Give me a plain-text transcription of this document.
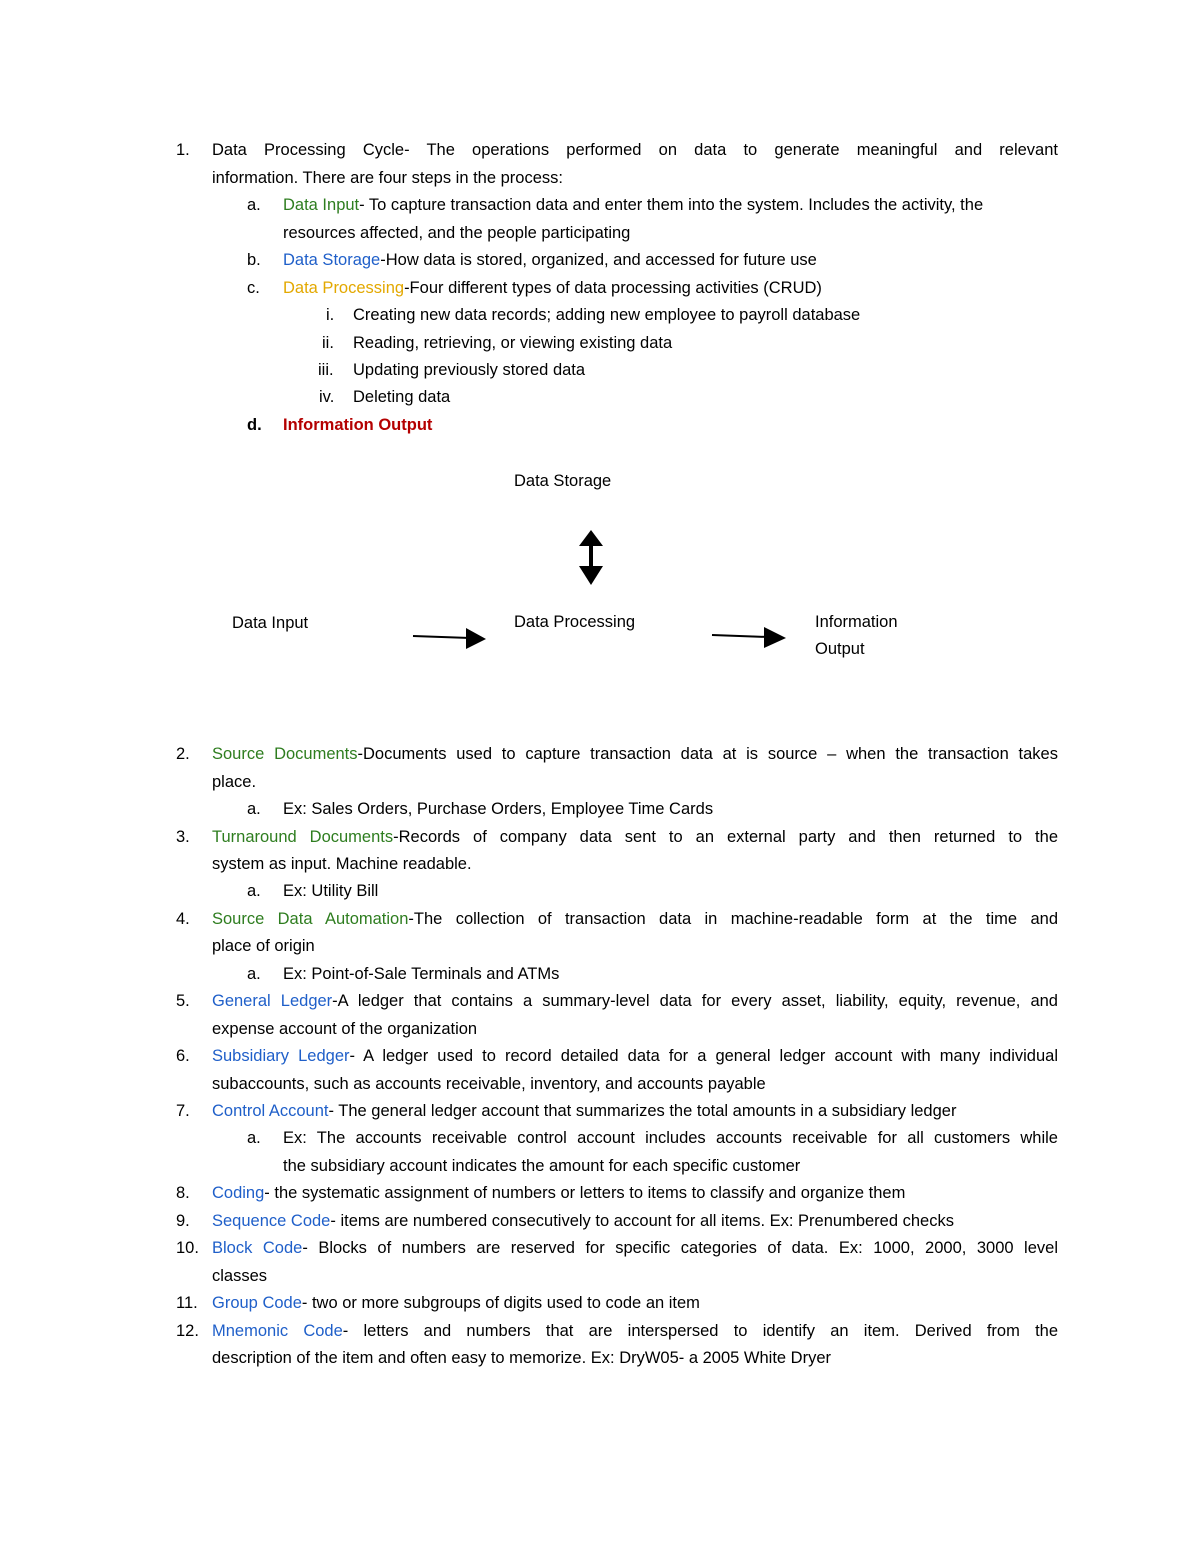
1. Data Processing Cycle- The operations performed on data to generate meaningful and relevant
information. There are four steps in the process:
a. Data Input- To capture transaction data and enter them into the system. Includes the activity, the
resources affected, and the people participating
b. Data Storage-How data is stored, organized, and accessed for future use
c. Data Processing-Four different types of data processing activities (CRUD)
i. Creating new data records; adding new employee to payroll database
ii. Reading, retrieving, or viewing existing data
iii. Updating previously stored data
iv. Deleting data
d. Information Output
Data Storage
Data Input	Data Processing	Information
Output
2. Source Documents-Documents used to capture transaction data at is source – when the transaction takes
place.
a. Ex: Sales Orders, Purchase Orders, Employee Time Cards
3. Turnaround Documents-Records of company data sent to an external party and then returned to the
system as input. Machine readable.
a. Ex: Utility Bill
4. Source Data Automation-The collection of transaction data in machine-readable form at the time and
place of origin
a. Ex: Point-of-Sale Terminals and ATMs
5. General Ledger-A ledger that contains a summary-level data for every asset, liability, equity, revenue, and
expense account of the organization
6. Subsidiary Ledger- A ledger used to record detailed data for a general ledger account with many individual
subaccounts, such as accounts receivable, inventory, and accounts payable
7. Control Account- The general ledger account that summarizes the total amounts in a subsidiary ledger
a. Ex: The accounts receivable control account includes accounts receivable for all customers while
the subsidiary account indicates the amount for each specific customer
8. Coding- the systematic assignment of numbers or letters to items to classify and organize them
9. Sequence Code- items are numbered consecutively to account for all items. Ex: Prenumbered checks
10. Block Code- Blocks of numbers are reserved for specific categories of data. Ex: 1000, 2000, 3000 level
classes
11. Group Code- two or more subgroups of digits used to code an item
12. Mnemonic Code- letters and numbers that are interspersed to identify an item. Derived from the
description of the item and often easy to memorize. Ex: DryW05- a 2005 White Dryer
